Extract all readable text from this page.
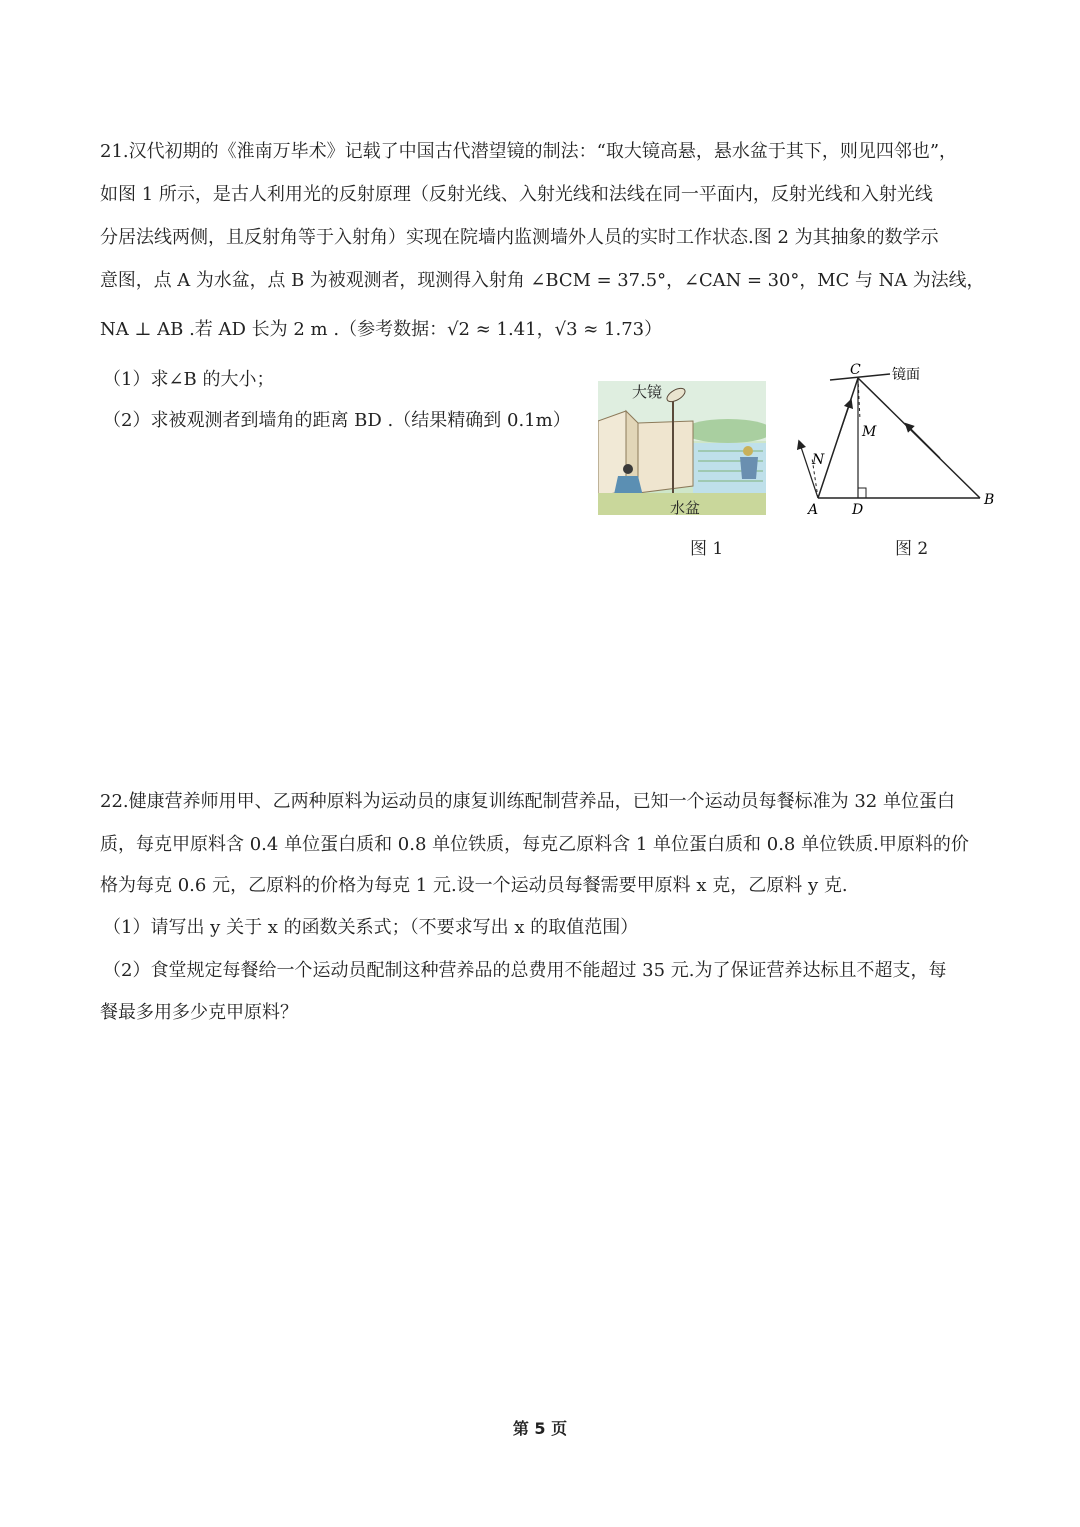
21.汉代初期的《淮南万毕术》记载了中国古代潜望镜的制法：“取大镜高悬，悬水盆于其下，则见四邻也”，
如图 1 所示，是古人利用光的反射原理（反射光线、入射光线和法线在同一平面内，反射光线和入射光线
分居法线两侧，且反射角等于入射角）实现在院墙内监测墙外人员的实时工作状态.图 2 为其抽象的数学示
意图，点 A 为水盆，点 B 为被观测者，现测得入射角 ∠BCM = 37.5°，∠CAN = 30°，MC 与 NA 为法线，
NA ⊥ AB .若 AD 长为 2 m .（参考数据：√2 ≈ 1.41，√3 ≈ 1.73）
（1）求∠B 的大小；
（2）求被观测者到墙角的距离 BD .（结果精确到 0.1m）
大镜
水盆
图 1
C 镜面
M
N
A D
B
图 2
22.健康营养师用甲、乙两种原料为运动员的康复训练配制营养品，已知一个运动员每餐标准为 32 单位蛋白
质，每克甲原料含 0.4 单位蛋白质和 0.8 单位铁质，每克乙原料含 1 单位蛋白质和 0.8 单位铁质.甲原料的价
格为每克 0.6 元，乙原料的价格为每克 1 元.设一个运动员每餐需要甲原料 x 克，乙原料 y 克.
（1）请写出 y 关于 x 的函数关系式；（不要求写出 x 的取值范围）
（2）食堂规定每餐给一个运动员配制这种营养品的总费用不能超过 35 元.为了保证营养达标且不超支，每
餐最多用多少克甲原料？
第 5 页
